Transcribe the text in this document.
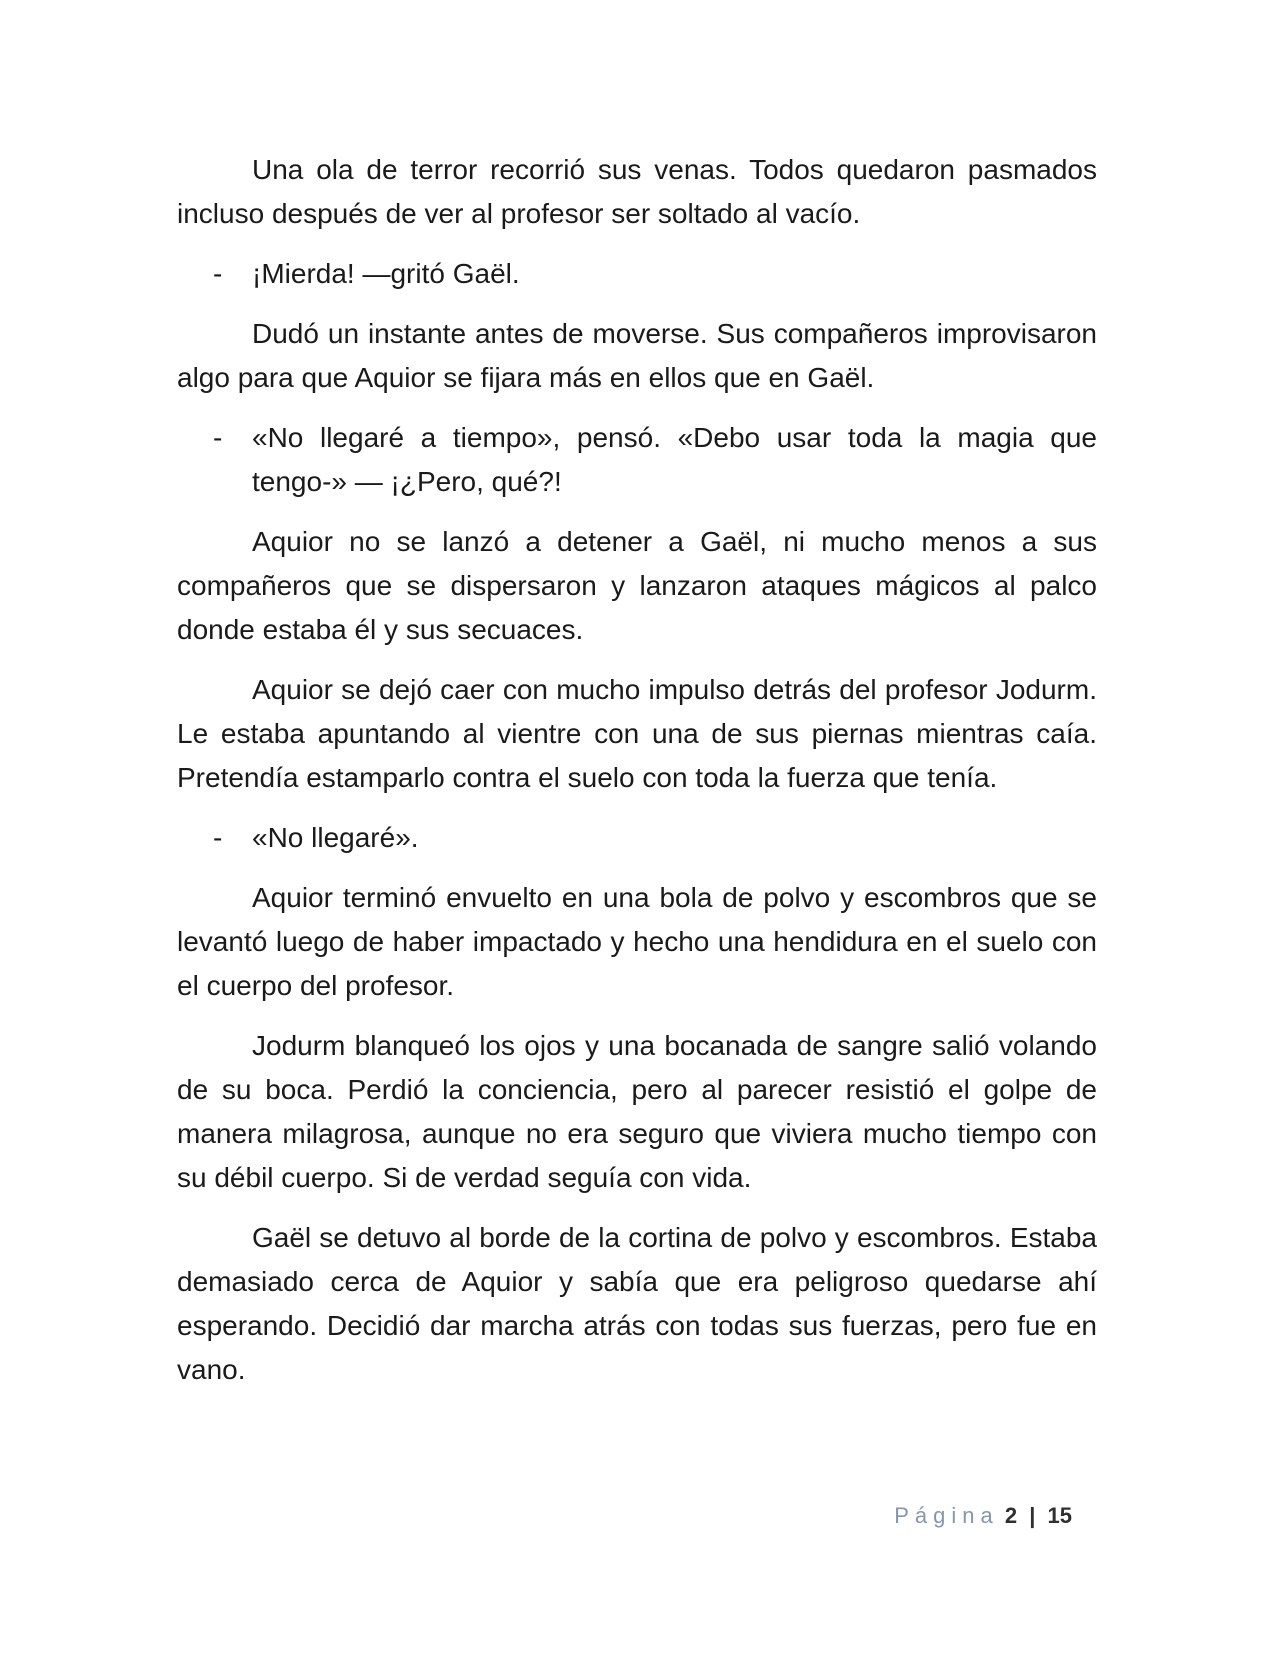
Una ola de terror recorrió sus venas. Todos quedaron pasmados incluso después de ver al profesor ser soltado al vacío.

-	¡Mierda! —gritó Gaël.

Dudó un instante antes de moverse. Sus compañeros improvisaron algo para que Aquior se fijara más en ellos que en Gaël.

-	«No llegaré a tiempo», pensó. «Debo usar toda la magia que tengo-» — ¡¿Pero, qué?!

Aquior no se lanzó a detener a Gaël, ni mucho menos a sus compañeros que se dispersaron y lanzaron ataques mágicos al palco donde estaba él y sus secuaces.

Aquior se dejó caer con mucho impulso detrás del profesor Jodurm. Le estaba apuntando al vientre con una de sus piernas mientras caía. Pretendía estamparlo contra el suelo con toda la fuerza que tenía.

-	«No llegaré».

Aquior terminó envuelto en una bola de polvo y escombros que se levantó luego de haber impactado y hecho una hendidura en el suelo con el cuerpo del profesor.

Jodurm blanqueó los ojos y una bocanada de sangre salió volando de su boca. Perdió la conciencia, pero al parecer resistió el golpe de manera milagrosa, aunque no era seguro que viviera mucho tiempo con su débil cuerpo. Si de verdad seguía con vida.

Gaël se detuvo al borde de la cortina de polvo y escombros. Estaba demasiado cerca de Aquior y sabía que era peligroso quedarse ahí esperando. Decidió dar marcha atrás con todas sus fuerzas, pero fue en vano.

Página 2 | 15
